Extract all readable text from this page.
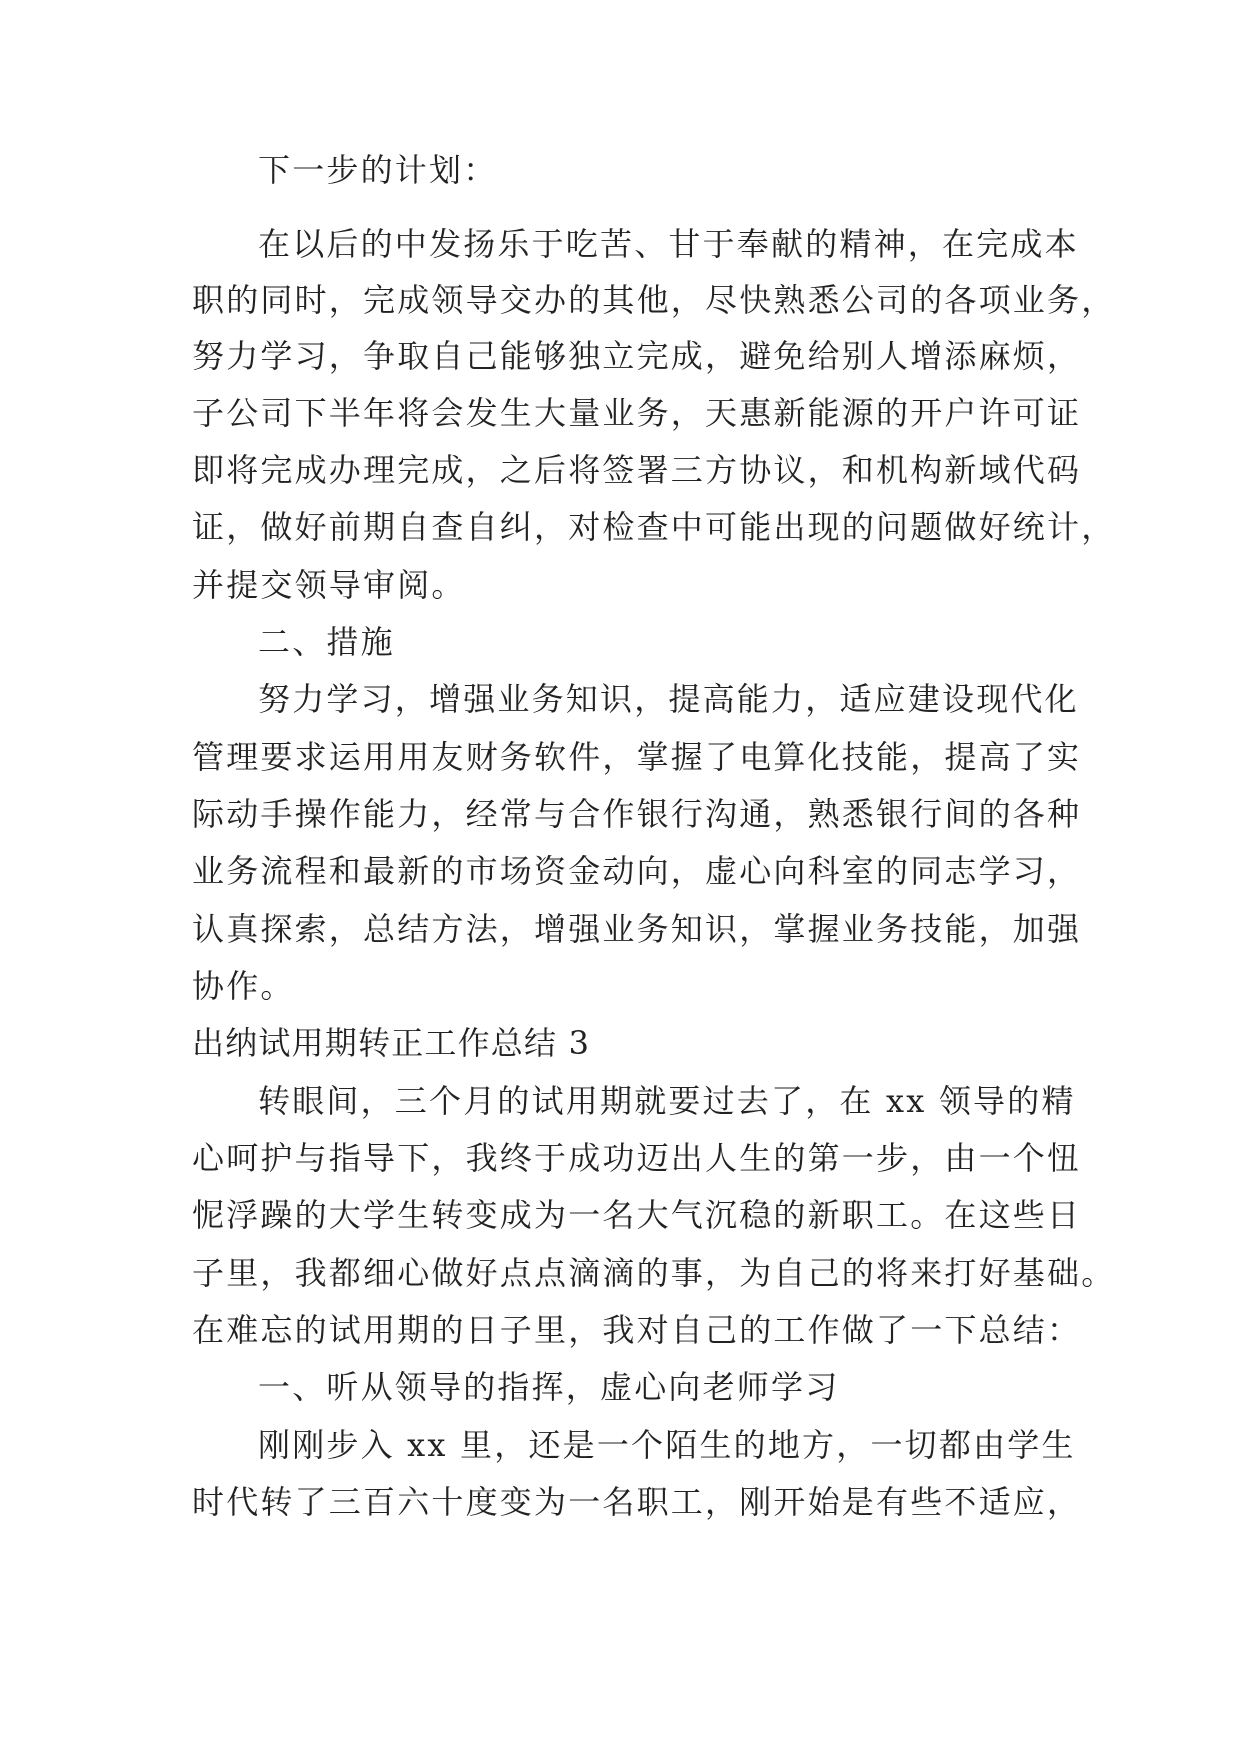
下一步的计划：
在以后的中发扬乐于吃苦、甘于奉献的精神，在完成本
职的同时，完成领导交办的其他，尽快熟悉公司的各项业务，
努力学习，争取自己能够独立完成，避免给别人增添麻烦，
子公司下半年将会发生大量业务，天惠新能源的开户许可证
即将完成办理完成，之后将签署三方协议，和机构新域代码
证，做好前期自查自纠，对检查中可能出现的问题做好统计，
并提交领导审阅。
二、措施
努力学习，增强业务知识，提高能力，适应建设现代化
管理要求运用用友财务软件，掌握了电算化技能，提高了实
际动手操作能力，经常与合作银行沟通，熟悉银行间的各种
业务流程和最新的市场资金动向，虚心向科室的同志学习，
认真探索，总结方法，增强业务知识，掌握业务技能，加强
协作。
出纳试用期转正工作总结 3
转眼间，三个月的试用期就要过去了，在 xx 领导的精
心呵护与指导下，我终于成功迈出人生的第一步，由一个忸
怩浮躁的大学生转变成为一名大气沉稳的新职工。在这些日
子里，我都细心做好点点滴滴的事，为自己的将来打好基础。
在难忘的试用期的日子里，我对自己的工作做了一下总结：
一、听从领导的指挥，虚心向老师学习
刚刚步入 xx 里，还是一个陌生的地方，一切都由学生
时代转了三百六十度变为一名职工，刚开始是有些不适应，
